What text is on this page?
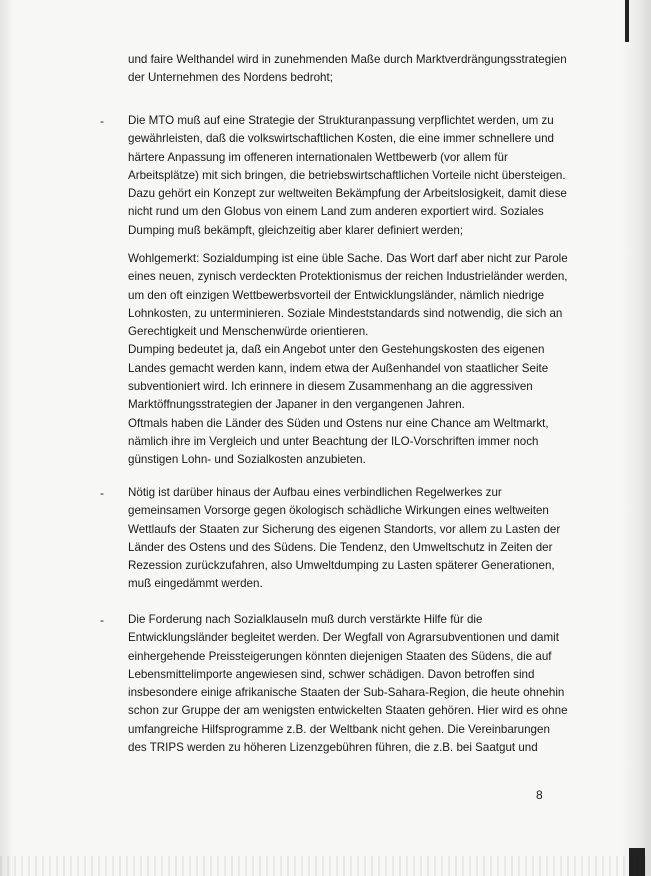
und faire Welthandel wird in zunehmenden Maße durch Marktverdrängungsstrategien
der Unternehmen des Nordens bedroht;
- Die MTO muß auf eine Strategie der Strukturanpassung verpflichtet werden, um zu
gewährleisten, daß die volkswirtschaftlichen Kosten, die eine immer schnellere und
härtere Anpassung im offeneren internationalen Wettbewerb (vor allem für
Arbeitsplätze) mit sich bringen, die betriebswirtschaftlichen Vorteile nicht übersteigen.
Dazu gehört ein Konzept zur weltweiten Bekämpfung der Arbeitslosigkeit, damit diese
nicht rund um den Globus von einem Land zum anderen exportiert wird. Soziales
Dumping muß bekämpft, gleichzeitig aber klarer definiert werden;
Wohlgemerkt: Sozialdumping ist eine üble Sache. Das Wort darf aber nicht zur Parole
eines neuen, zynisch verdeckten Protektionismus der reichen Industrieländer werden,
um den oft einzigen Wettbewerbsvorteil der Entwicklungsländer, nämlich niedrige
Lohnkosten, zu unterminieren. Soziale Mindeststandards sind notwendig, die sich an
Gerechtigkeit und Menschenwürde orientieren.
Dumping bedeutet ja, daß ein Angebot unter den Gestehungskosten des eigenen
Landes gemacht werden kann, indem etwa der Außenhandel von staatlicher Seite
subventioniert wird. Ich erinnere in diesem Zusammenhang an die aggressiven
Marktöffnungsstrategien der Japaner in den vergangenen Jahren.
Oftmals haben die Länder des Süden und Ostens nur eine Chance am Weltmarkt,
nämlich ihre im Vergleich und unter Beachtung der ILO-Vorschriften immer noch
günstigen Lohn- und Sozialkosten anzubieten.
- Nötig ist darüber hinaus der Aufbau eines verbindlichen Regelwerkes zur
gemeinsamen Vorsorge gegen ökologisch schädliche Wirkungen eines weltweiten
Wettlaufs der Staaten zur Sicherung des eigenen Standorts, vor allem zu Lasten der
Länder des Ostens und des Südens. Die Tendenz, den Umweltschutz in Zeiten der
Rezession zurückzufahren, also Umweltdumping zu Lasten späterer Generationen,
muß eingedämmt werden.
- Die Forderung nach Sozialklauseln muß durch verstärkte Hilfe für die
Entwicklungsländer begleitet werden. Der Wegfall von Agrarsubventionen und damit
einhergehende Preissteigerungen könnten diejenigen Staaten des Südens, die auf
Lebensmittelimporte angewiesen sind, schwer schädigen. Davon betroffen sind
insbesondere einige afrikanische Staaten der Sub-Sahara-Region, die heute ohnehin
schon zur Gruppe der am wenigsten entwickelten Staaten gehören. Hier wird es ohne
umfangreiche Hilfsprogramme z.B. der Weltbank nicht gehen. Die Vereinbarungen
des TRIPS werden zu höheren Lizenzgebühren führen, die z.B. bei Saatgut und
8
